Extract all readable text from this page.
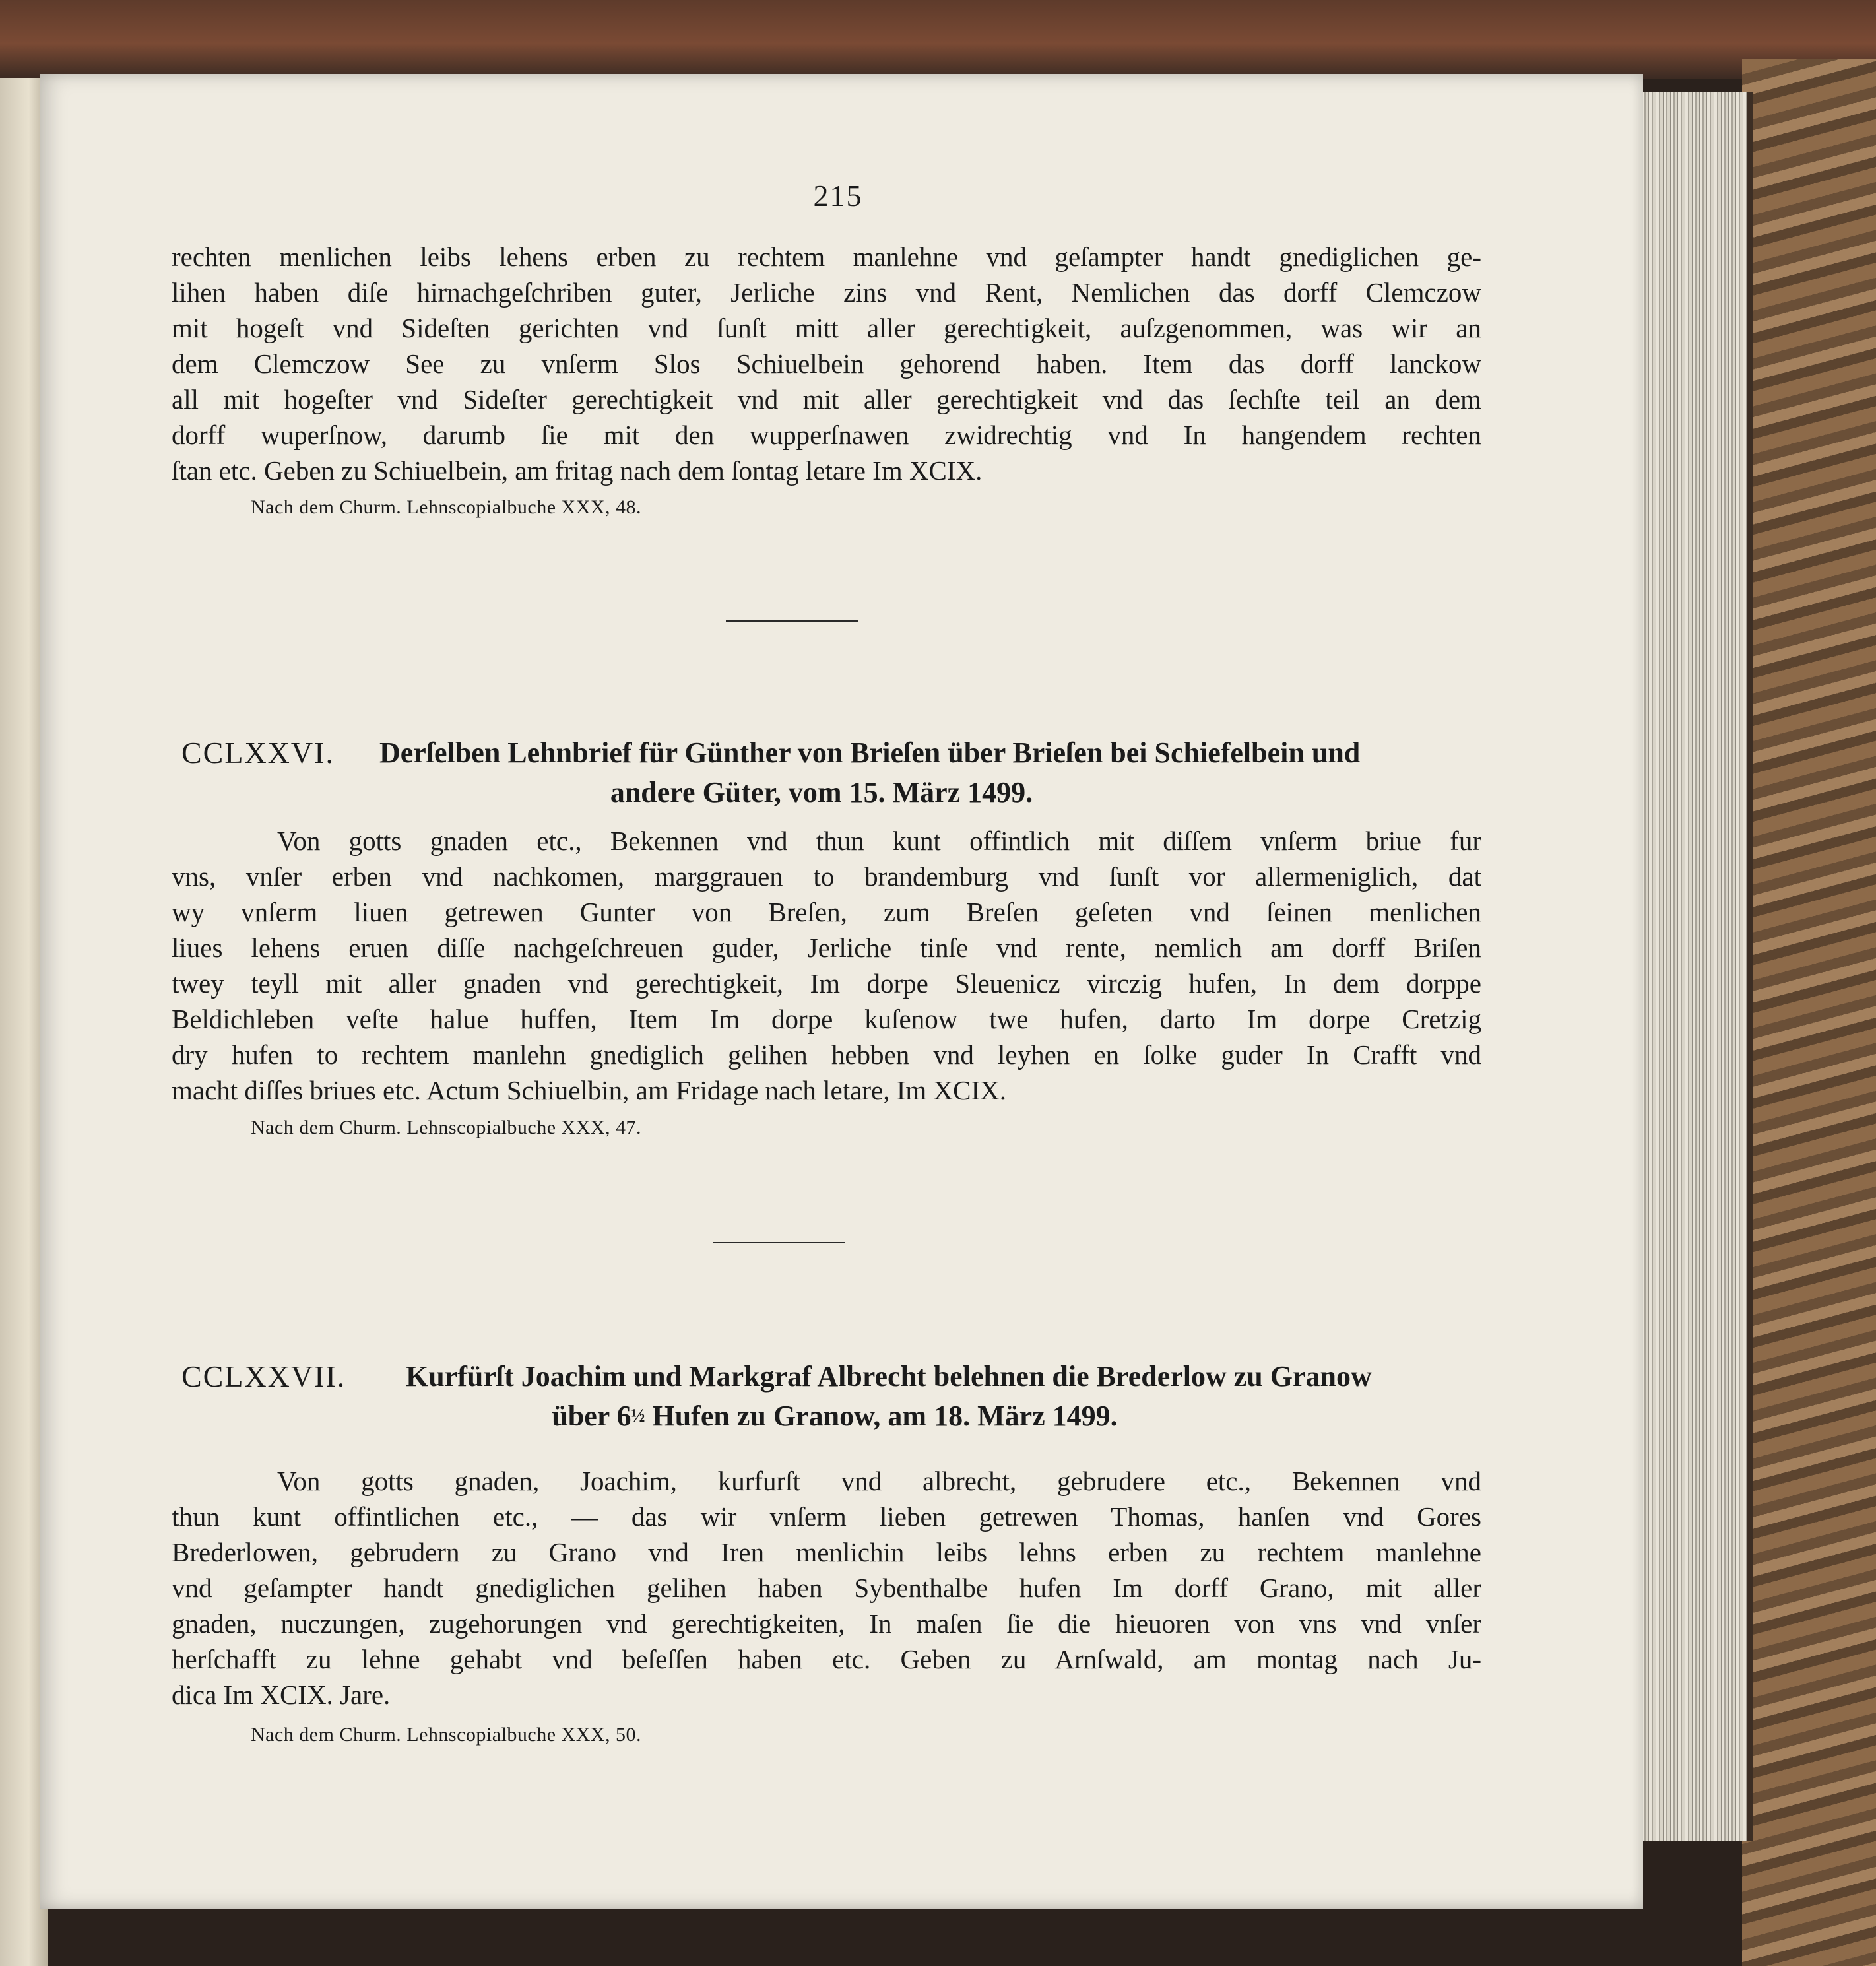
215
rechten menlichen leibs lehens erben zu rechtem manlehne vnd geſampter handt gnediglichen ge-
lihen haben diſe hirnachgeſchriben guter, Jerliche zins vnd Rent, Nemlichen das dorff Clemczow
mit hogeſt vnd Sideſten gerichten vnd ſunſt mitt aller gerechtigkeit, auſzgenommen, was wir an
dem Clemczow See zu vnſerm Slos Schiuelbein gehorend haben. Item das dorff lanckow
all mit hogeſter vnd Sideſter gerechtigkeit vnd mit aller gerechtigkeit vnd das ſechſte teil an dem
dorff wuperſnow, darumb ſie mit den wupperſnawen zwidrechtig vnd In hangendem rechten
ſtan etc. Geben zu Schiuelbein, am fritag nach dem ſontag letare Im XCIX.
Nach dem Churm. Lehnscopialbuche XXX, 48.
CCLXXVI. Derſelben Lehnbrief für Günther von Brieſen über Brieſen bei Schiefelbein und
andere Güter, vom 15. März 1499.
Von gotts gnaden etc., Bekennen vnd thun kunt offintlich mit diſſem vnſerm briue fur
vns, vnſer erben vnd nachkomen, marggrauen to brandemburg vnd ſunſt vor allermeniglich, dat
wy vnſerm liuen getrewen Gunter von Breſen, zum Breſen geſeten vnd ſeinen menlichen
liues lehens eruen diſſe nachgeſchreuen guder, Jerliche tinſe vnd rente, nemlich am dorff Briſen
twey teyll mit aller gnaden vnd gerechtigkeit, Im dorpe Sleuenicz virczig hufen, In dem dorppe
Beldichleben veſte halue huffen, Item Im dorpe kuſenow twe hufen, darto Im dorpe Cretzig
dry hufen to rechtem manlehn gnediglich gelihen hebben vnd leyhen en ſolke guder In Crafft vnd
macht diſſes briues etc. Actum Schiuelbin, am Fridage nach letare, Im XCIX.
Nach dem Churm. Lehnscopialbuche XXX, 47.
CCLXXVII. Kurfürſt Joachim und Markgraf Albrecht belehnen die Brederlow zu Granow
über 6½ Hufen zu Granow, am 18. März 1499.
Von gotts gnaden, Joachim, kurfurſt vnd albrecht, gebrudere etc., Bekennen vnd
thun kunt offintlichen etc., — das wir vnſerm lieben getrewen Thomas, hanſen vnd Gores
Brederlowen, gebrudern zu Grano vnd Iren menlichin leibs lehns erben zu rechtem manlehne
vnd geſampter handt gnediglichen gelihen haben Sybenthalbe hufen Im dorff Grano, mit aller
gnaden, nuczungen, zugehorungen vnd gerechtigkeiten, In maſen ſie die hieuoren von vns vnd vnſer
herſchafft zu lehne gehabt vnd beſeſſen haben etc. Geben zu Arnſwald, am montag nach Ju-
dica Im XCIX. Jare.
Nach dem Churm. Lehnscopialbuche XXX, 50.
